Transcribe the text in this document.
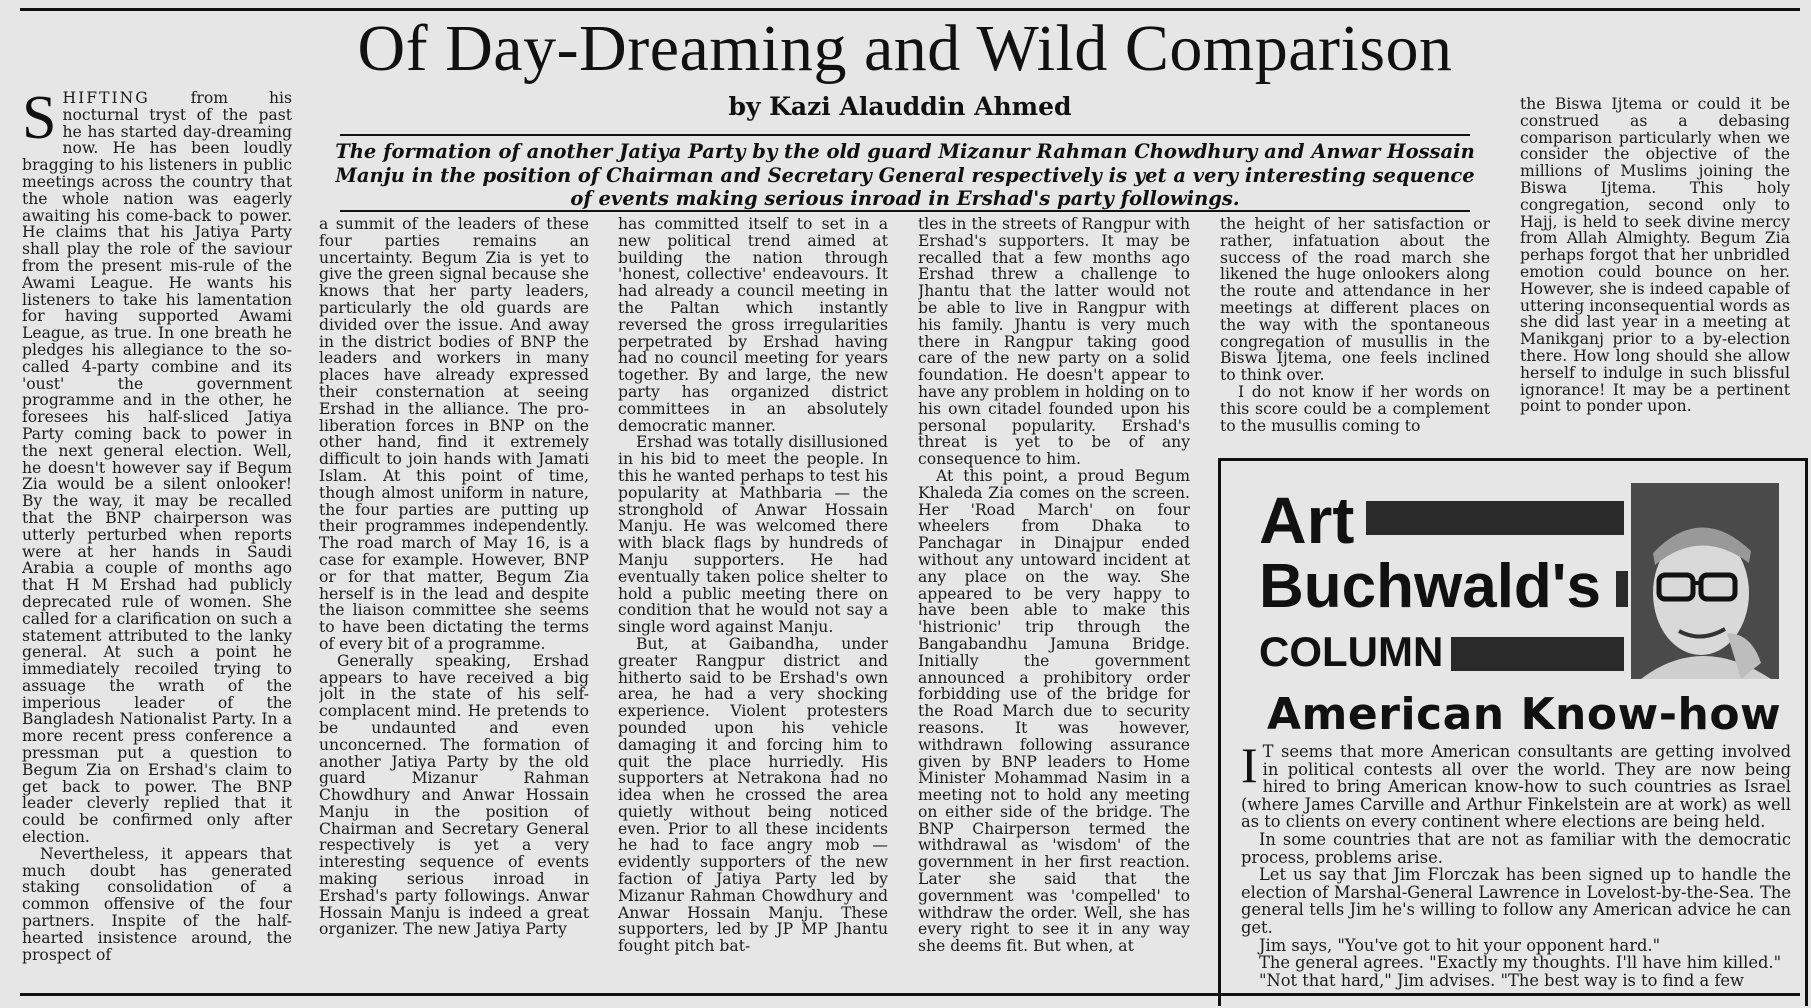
Of Day-Dreaming and Wild Comparison
by Kazi Alauddin Ahmed
The formation of another Jatiya Party by the old guard Mizanur Rahman Chowdhury and Anwar Hossain Manju in the position of Chairman and Secretary General respectively is yet a very interesting sequence of events making serious inroad in Ershad's party followings.

SHIFTING	from his nocturnal tryst of the past he has started day-dreaming now. He has been loudly bragging to his listeners in public meetings across the country that the whole nation was eagerly awaiting his come-back to power. He claims that his Jatiya Party shall play the role of the saviour from the present mis-rule of the Awami League. He wants his listeners to take his lamentation for having supported Awami League, as true. In one breath he pledges his allegiance to the so-called 4-party combine and its 'oust' the government programme and in the other, he foresees his half-sliced Jatiya Party coming back to power in the next general election. Well, he doesn't however say if Begum Zia would be a silent onlooker! By the way, it may be recalled that the BNP chairperson was utterly perturbed when reports were at her hands in Saudi Arabia a couple of months ago that H M Ershad had publicly deprecated rule of women. She called for a clarification on such a statement attributed to the lanky general. At such a point he immediately recoiled trying to assuage the wrath of the imperious leader of the Bangladesh Nationalist Party. In a more recent press conference a pressman put a question to Begum Zia on Ershad's claim to get back to power. The BNP leader cleverly replied that it could be confirmed only after election.

Nevertheless, it appears that much doubt has generated staking consolidation of a common offensive of the four partners. Inspite of the half-hearted insistence around, the prospect of

a summit of the leaders of these four parties remains an uncertainty. Begum Zia is yet to give the green signal because she knows that her party leaders, particularly the old guards are divided over the issue. And away in the district bodies of BNP the leaders and workers in many places have already expressed their consternation at seeing Ershad in the alliance. The pro-liberation forces in BNP on the other hand, find it extremely difficult to join hands with Jamati Islam. At this point of time, though almost uniform in nature, the four parties are putting up their programmes independently. The road march of May 16, is a case for example. However, BNP or for that matter, Begum Zia herself is in the lead and despite the liaison committee she seems to have been dictating the terms of every bit of a programme.

Generally speaking, Ershad appears to have received a big jolt in the state of his self-complacent mind. He pretends to be undaunted and even unconcerned. The formation of another Jatiya Party by the old guard Mizanur Rahman Chowdhury and Anwar Hossain Manju in the position of Chairman and Secretary General respectively is yet a very interesting sequence of events making serious inroad in Ershad's party followings. Anwar Hossain Manju is indeed a great organizer. The new Jatiya Party

has committed itself to set in a new political trend aimed at building the nation through 'honest, collective' endeavours. It had already a council meeting in the Paltan which instantly reversed the gross irregularities perpetrated by Ershad having had no council meeting for years together. By and large, the new party has organized district committees in an absolutely democratic manner.

Ershad was totally disillusioned in his bid to meet the people. In this he wanted perhaps to test his popularity at Mathbaria — the stronghold of Anwar Hossain Manju. He was welcomed there with black flags by hundreds of Manju supporters. He had eventually taken police shelter to hold a public meeting there on condition that he would not say a single word against Manju.

But, at Gaibandha, under greater Rangpur district and hitherto said to be Ershad's own area, he had a very shocking experience. Violent protesters pounded upon his vehicle damaging it and forcing him to quit the place hurriedly. His supporters at Netrakona had no idea when he crossed the area quietly without being noticed even. Prior to all these incidents he had to face angry mob — evidently supporters of the new faction of Jatiya Party led by Mizanur Rahman Chowdhury and Anwar Hossain Manju. These supporters, led by JP MP Jhantu fought pitch bat-

tles in the streets of Rangpur with Ershad's supporters. It may be recalled that a few months ago Ershad threw a challenge to Jhantu that the latter would not be able to live in Rangpur with his family. Jhantu is very much there in Rangpur taking good care of the new party on a solid foundation. He doesn't appear to have any problem in holding on to his own citadel founded upon his personal popularity. Ershad's threat is yet to be of any consequence to him.

At this point, a proud Begum Khaleda Zia comes on the screen. Her 'Road March' on four wheelers from Dhaka to Panchagar in Dinajpur ended without any untoward incident at any place on the way. She appeared to be very happy to have been able to make this 'histrionic' trip through the Bangabandhu Jamuna Bridge. Initially the government announced a prohibitory order forbidding use of the bridge for the Road March due to security reasons. It was however, withdrawn following assurance given by BNP leaders to Home Minister Mohammad Nasim in a meeting not to hold any meeting on either side of the bridge. The BNP Chairperson termed the withdrawal as 'wisdom' of the government in her first reaction. Later she said that the government was 'compelled' to withdraw the order. Well, she has every right to see it in any way she deems fit. But when, at

the height of her satisfaction or rather, infatuation about the success of the road march she likened the huge onlookers along the route and attendance in her meetings at different places on the way with the spontaneous congregation of musullis in the Biswa Ijtema, one feels inclined to think over.

I do not know if her words on this score could be a complement to the musullis coming to

the Biswa Ijtema or could it be construed as a debasing comparison particularly when we consider the objective of the millions of Muslims joining the Biswa Ijtema. This holy congregation, second only to Hajj, is held to seek divine mercy from Allah Almighty. Begum Zia perhaps forgot that her unbridled emotion could bounce on her. However, she is indeed capable of uttering inconsequential words as she did last year in a meeting at Manikganj prior to a by-election there. How long should she allow herself to indulge in such blissful ignorance! It may be a pertinent point to ponder upon.

Art
Buchwald's
COLUMN
American Know-how

I T seems that more American consultants are getting involved in political contests all over the world. They are now being hired to bring American know-how to such countries as Israel (where James Carville and Arthur Finkelstein are at work) as well as to clients on every continent where elections are being held.

In some countries that are not as familiar with the democratic process, problems arise.

Let us say that Jim Florczak has been signed up to handle the election of Marshal-General Lawrence in Lovelost-by-the-Sea. The general tells Jim he's willing to follow any American advice he can get.

Jim says, "You've got to hit your opponent hard."

The general agrees. "Exactly my thoughts. I'll have him killed."

"Not that hard," Jim advises. "The best way is to find a few
